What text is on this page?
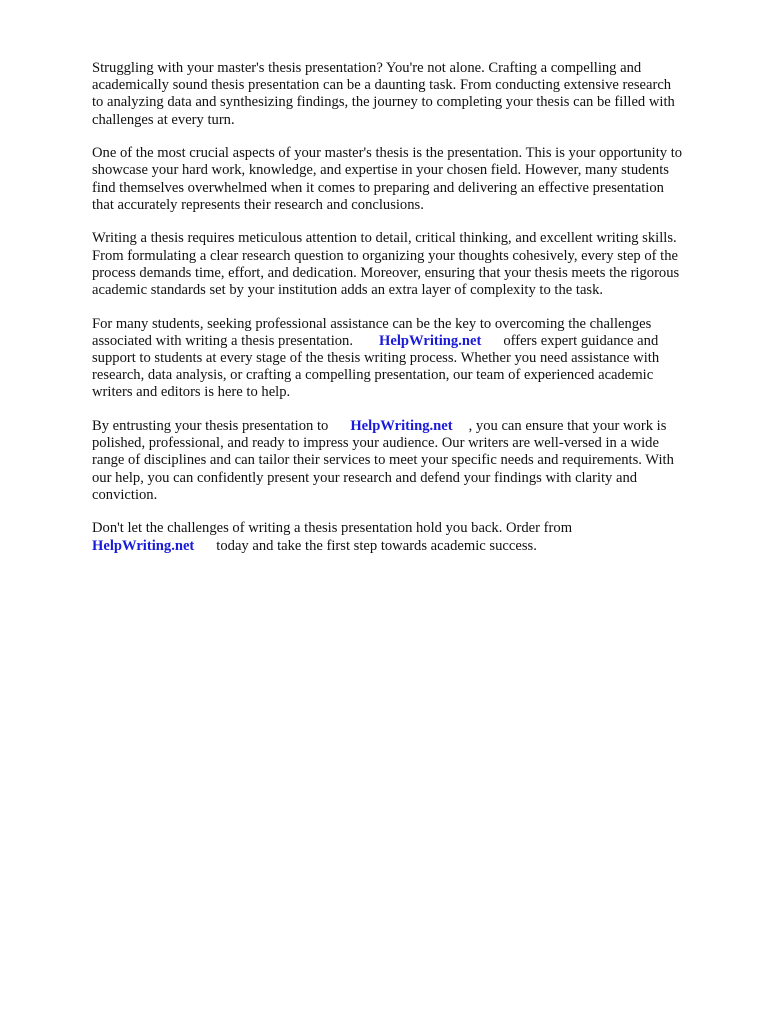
Struggling with your master's thesis presentation? You're not alone. Crafting a compelling and
academically sound thesis presentation can be a daunting task. From conducting extensive research
to analyzing data and synthesizing findings, the journey to completing your thesis can be filled with
challenges at every turn.

One of the most crucial aspects of your master's thesis is the presentation. This is your opportunity to
showcase your hard work, knowledge, and expertise in your chosen field. However, many students
find themselves overwhelmed when it comes to preparing and delivering an effective presentation
that accurately represents their research and conclusions.

Writing a thesis requires meticulous attention to detail, critical thinking, and excellent writing skills.
From formulating a clear research question to organizing your thoughts cohesively, every step of the
process demands time, effort, and dedication. Moreover, ensuring that your thesis meets the rigorous
academic standards set by your institution adds an extra layer of complexity to the task.

For many students, seeking professional assistance can be the key to overcoming the challenges
associated with writing a thesis presentation. HelpWriting.net offers expert guidance and
support to students at every stage of the thesis writing process. Whether you need assistance with
research, data analysis, or crafting a compelling presentation, our team of experienced academic
writers and editors is here to help.

By entrusting your thesis presentation to HelpWriting.net , you can ensure that your work is
polished, professional, and ready to impress your audience. Our writers are well-versed in a wide
range of disciplines and can tailor their services to meet your specific needs and requirements. With
our help, you can confidently present your research and defend your findings with clarity and
conviction.

Don't let the challenges of writing a thesis presentation hold you back. Order from
HelpWriting.net today and take the first step towards academic success.
